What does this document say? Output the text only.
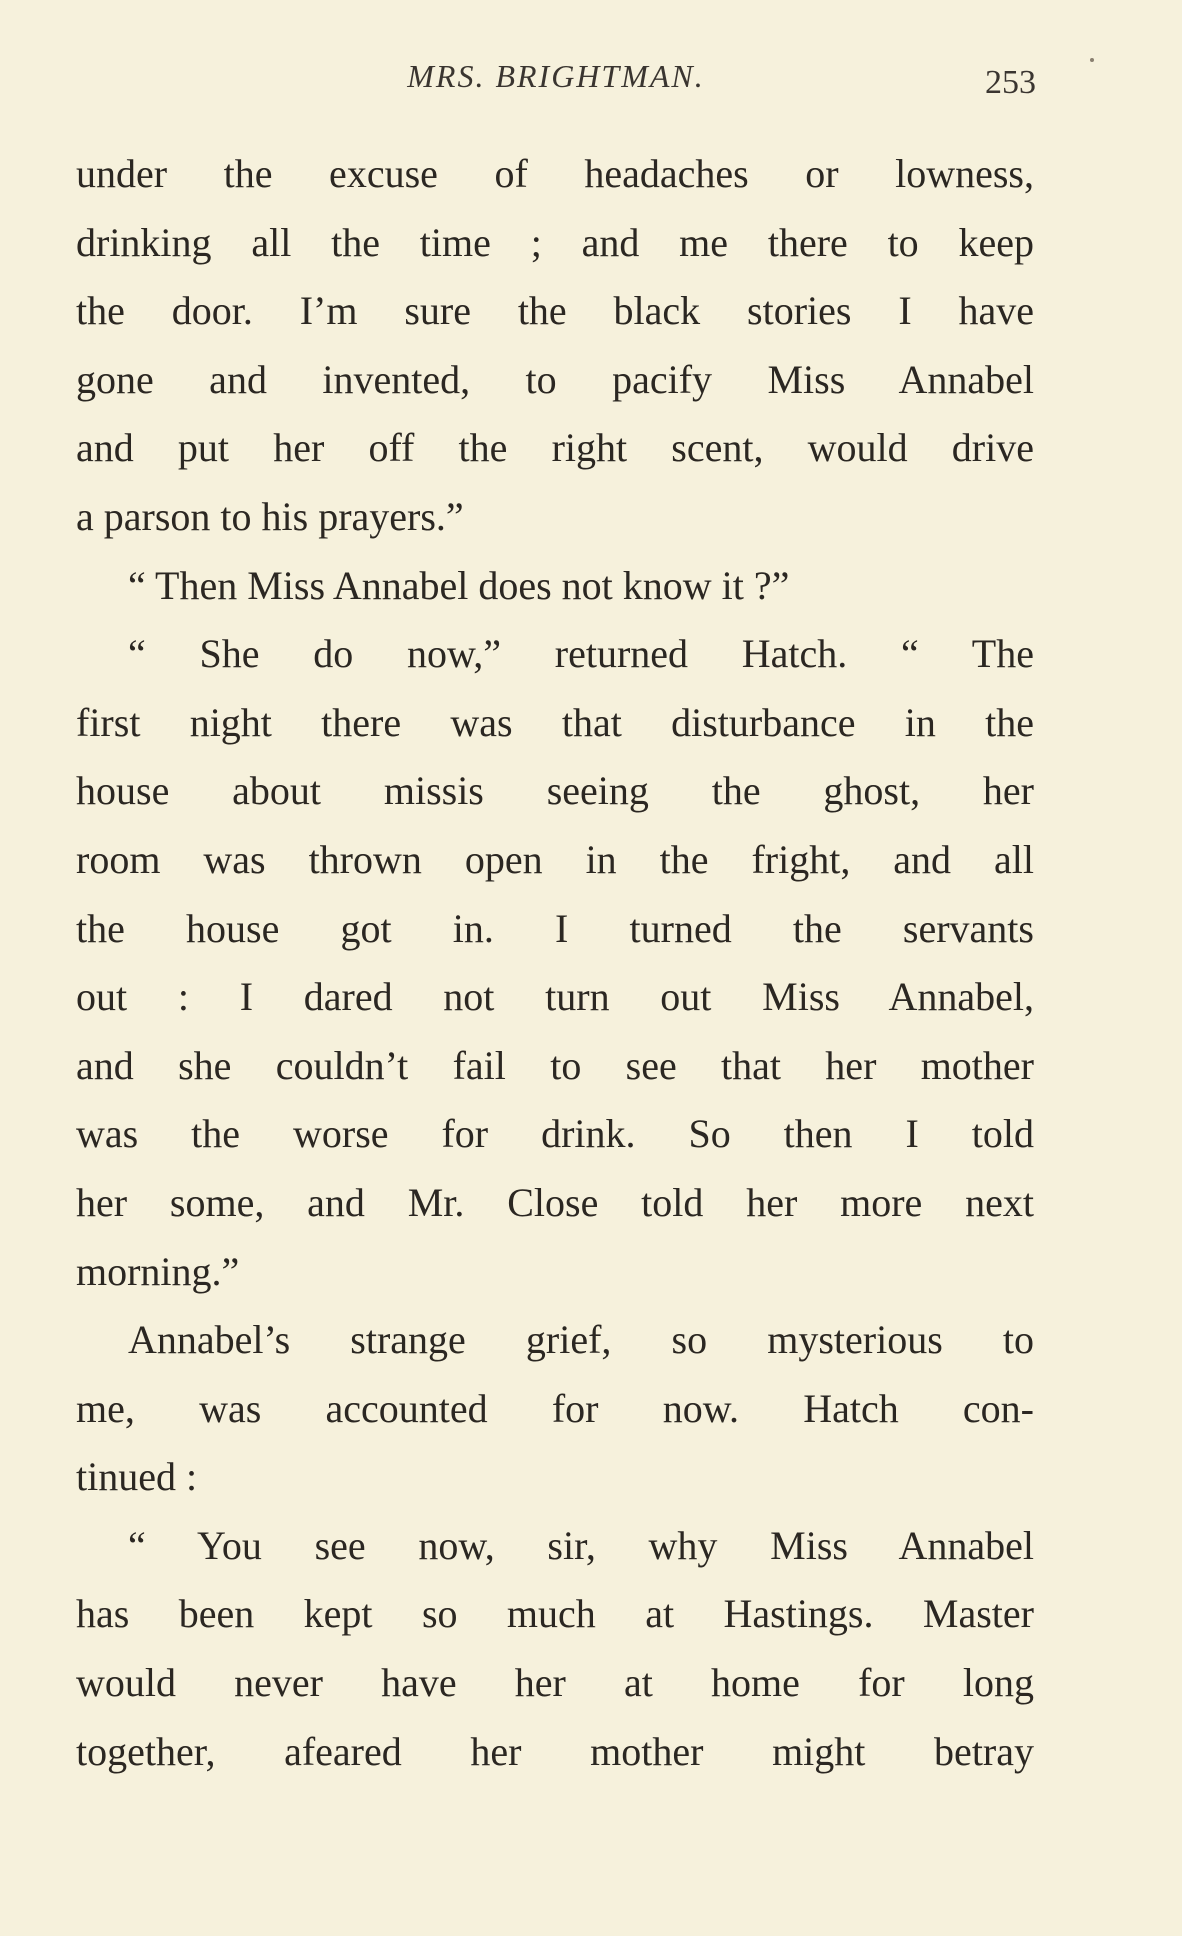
MRS. BRIGHTMAN.	253
under the excuse of headaches or lowness,
drinking all the time ; and me there to keep
the door. I’m sure the black stories I have
gone and invented, to pacify Miss Annabel
and put her off the right scent, would drive
a parson to his prayers.”
“ Then Miss Annabel does not know it ?”
“ She do now,” returned Hatch. “ The
first night there was that disturbance in the
house about missis seeing the ghost, her
room was thrown open in the fright, and all
the house got in. I turned the servants
out : I dared not turn out Miss Annabel,
and she couldn’t fail to see that her mother
was the worse for drink. So then I told
her some, and Mr. Close told her more next
morning.”
Annabel’s strange grief, so mysterious to
me, was accounted for now. Hatch con-
tinued :
“ You see now, sir, why Miss Annabel
has been kept so much at Hastings. Master
would never have her at home for long
together, afeared her mother might betray
